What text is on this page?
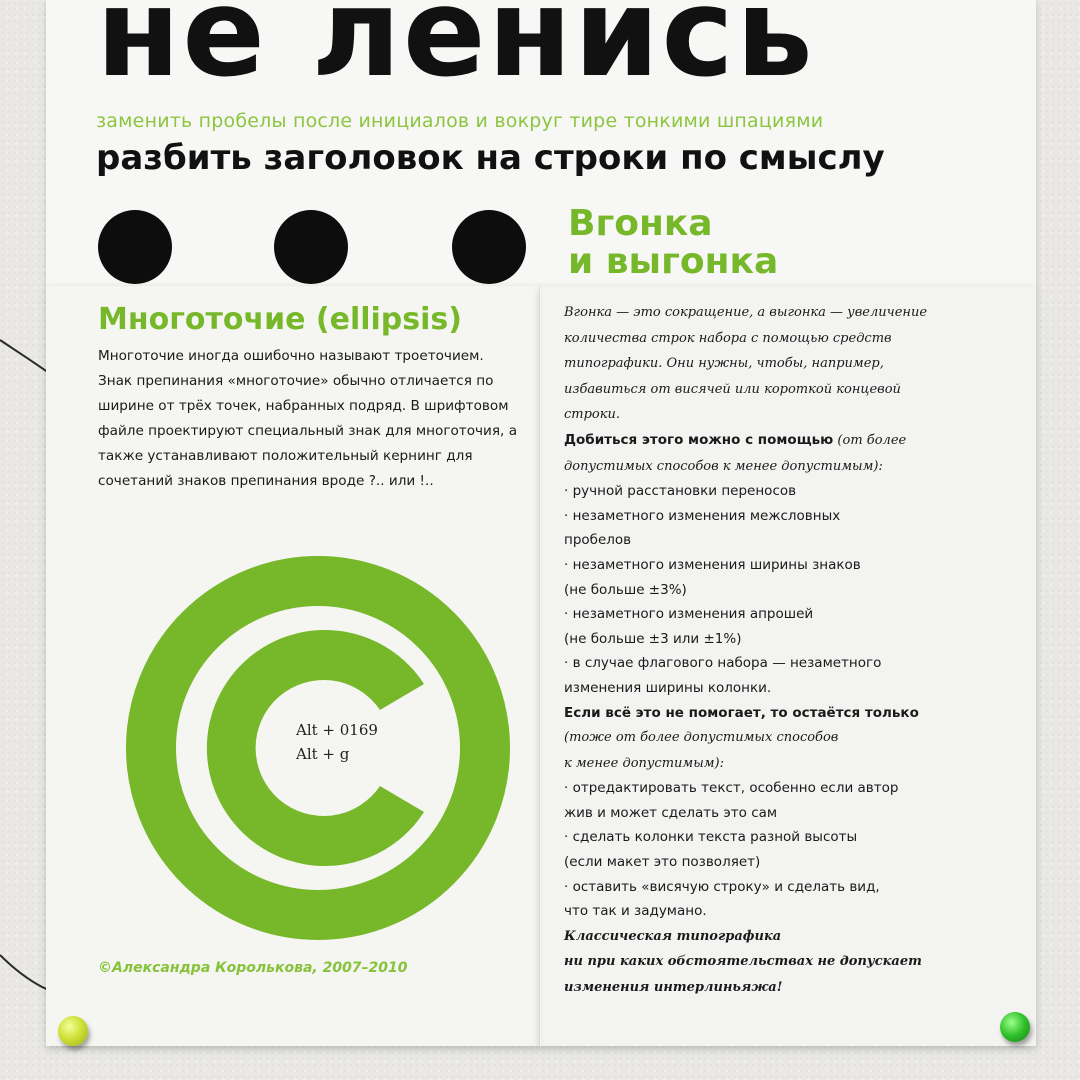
не ленись
заменить пробелы после инициалов и вокруг тире тонкими шпациями
разбить заголовок на строки по смыслу
Вгонка
и выгонка
Многоточие (ellipsis)

Многоточие иногда ошибочно называют троеточием.

Знак препинания «многоточие» обычно отличается по ширине от трёх точек, набранных подряд. В шрифтовом файле проектируют специальный знак для многоточия, а также устанавливают положительный кернинг для сочетаний знаков препинания вроде ?.. или !..

Alt + 0169
Alt + g
©Александра Королькова, 2007–2010
Вгонка — это сокращение, а выгонка — увеличение
количества строк набора с помощью средств
типографики. Они нужны, чтобы, например,
избавиться от висячей или короткой концевой
строки.
Добиться этого можно с помощью (от более
допустимых способов к менее допустимым):
· ручной расстановки переносов
· незаметного изменения межсловных
пробелов
· незаметного изменения ширины знаков
(не больше ±3%)
· незаметного изменения апрошей
(не больше ±3 или ±1%)
· в случае флагового набора — незаметного
изменения ширины колонки.
Если всё это не помогает, то остаётся только
(тоже от более допустимых способов
к менее допустимым):
· отредактировать текст, особенно если автор
жив и может сделать это сам
· сделать колонки текста разной высоты
(если макет это позволяет)
· оставить «висячую строку» и сделать вид,
что так и задумано.
Классическая типографика
ни при каких обстоятельствах не допускает
изменения интерлиньяжа!
